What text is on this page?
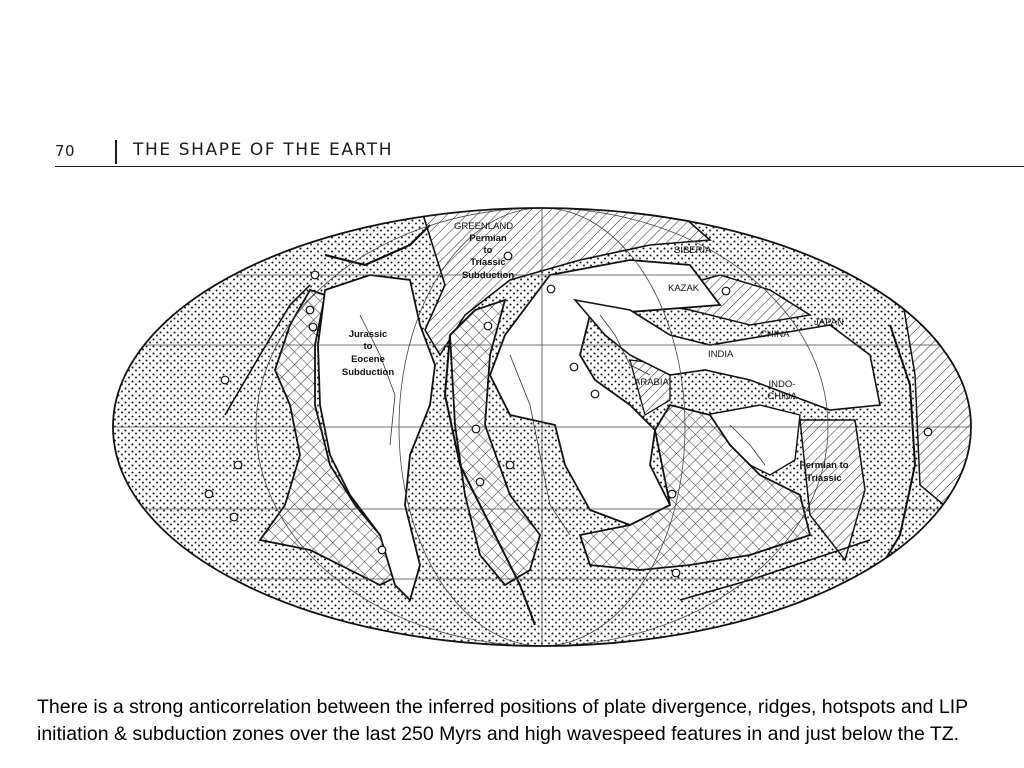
70	THE SHAPE OF THE EARTH
GREENLAND
Permian
to
Triassic
Subduction
SIBERIA
KAZAK
JAPAN
CHINA
INDIA
ARABIA	INDO-
CHINA
Jurassic
to
Eocene
Subduction
Permian to
Triassic

There is a strong anticorrelation between the inferred positions of plate divergence, ridges, hotspots and LIP initiation & subduction zones over the last 250 Myrs and high wavespeed features in and just below the TZ.
